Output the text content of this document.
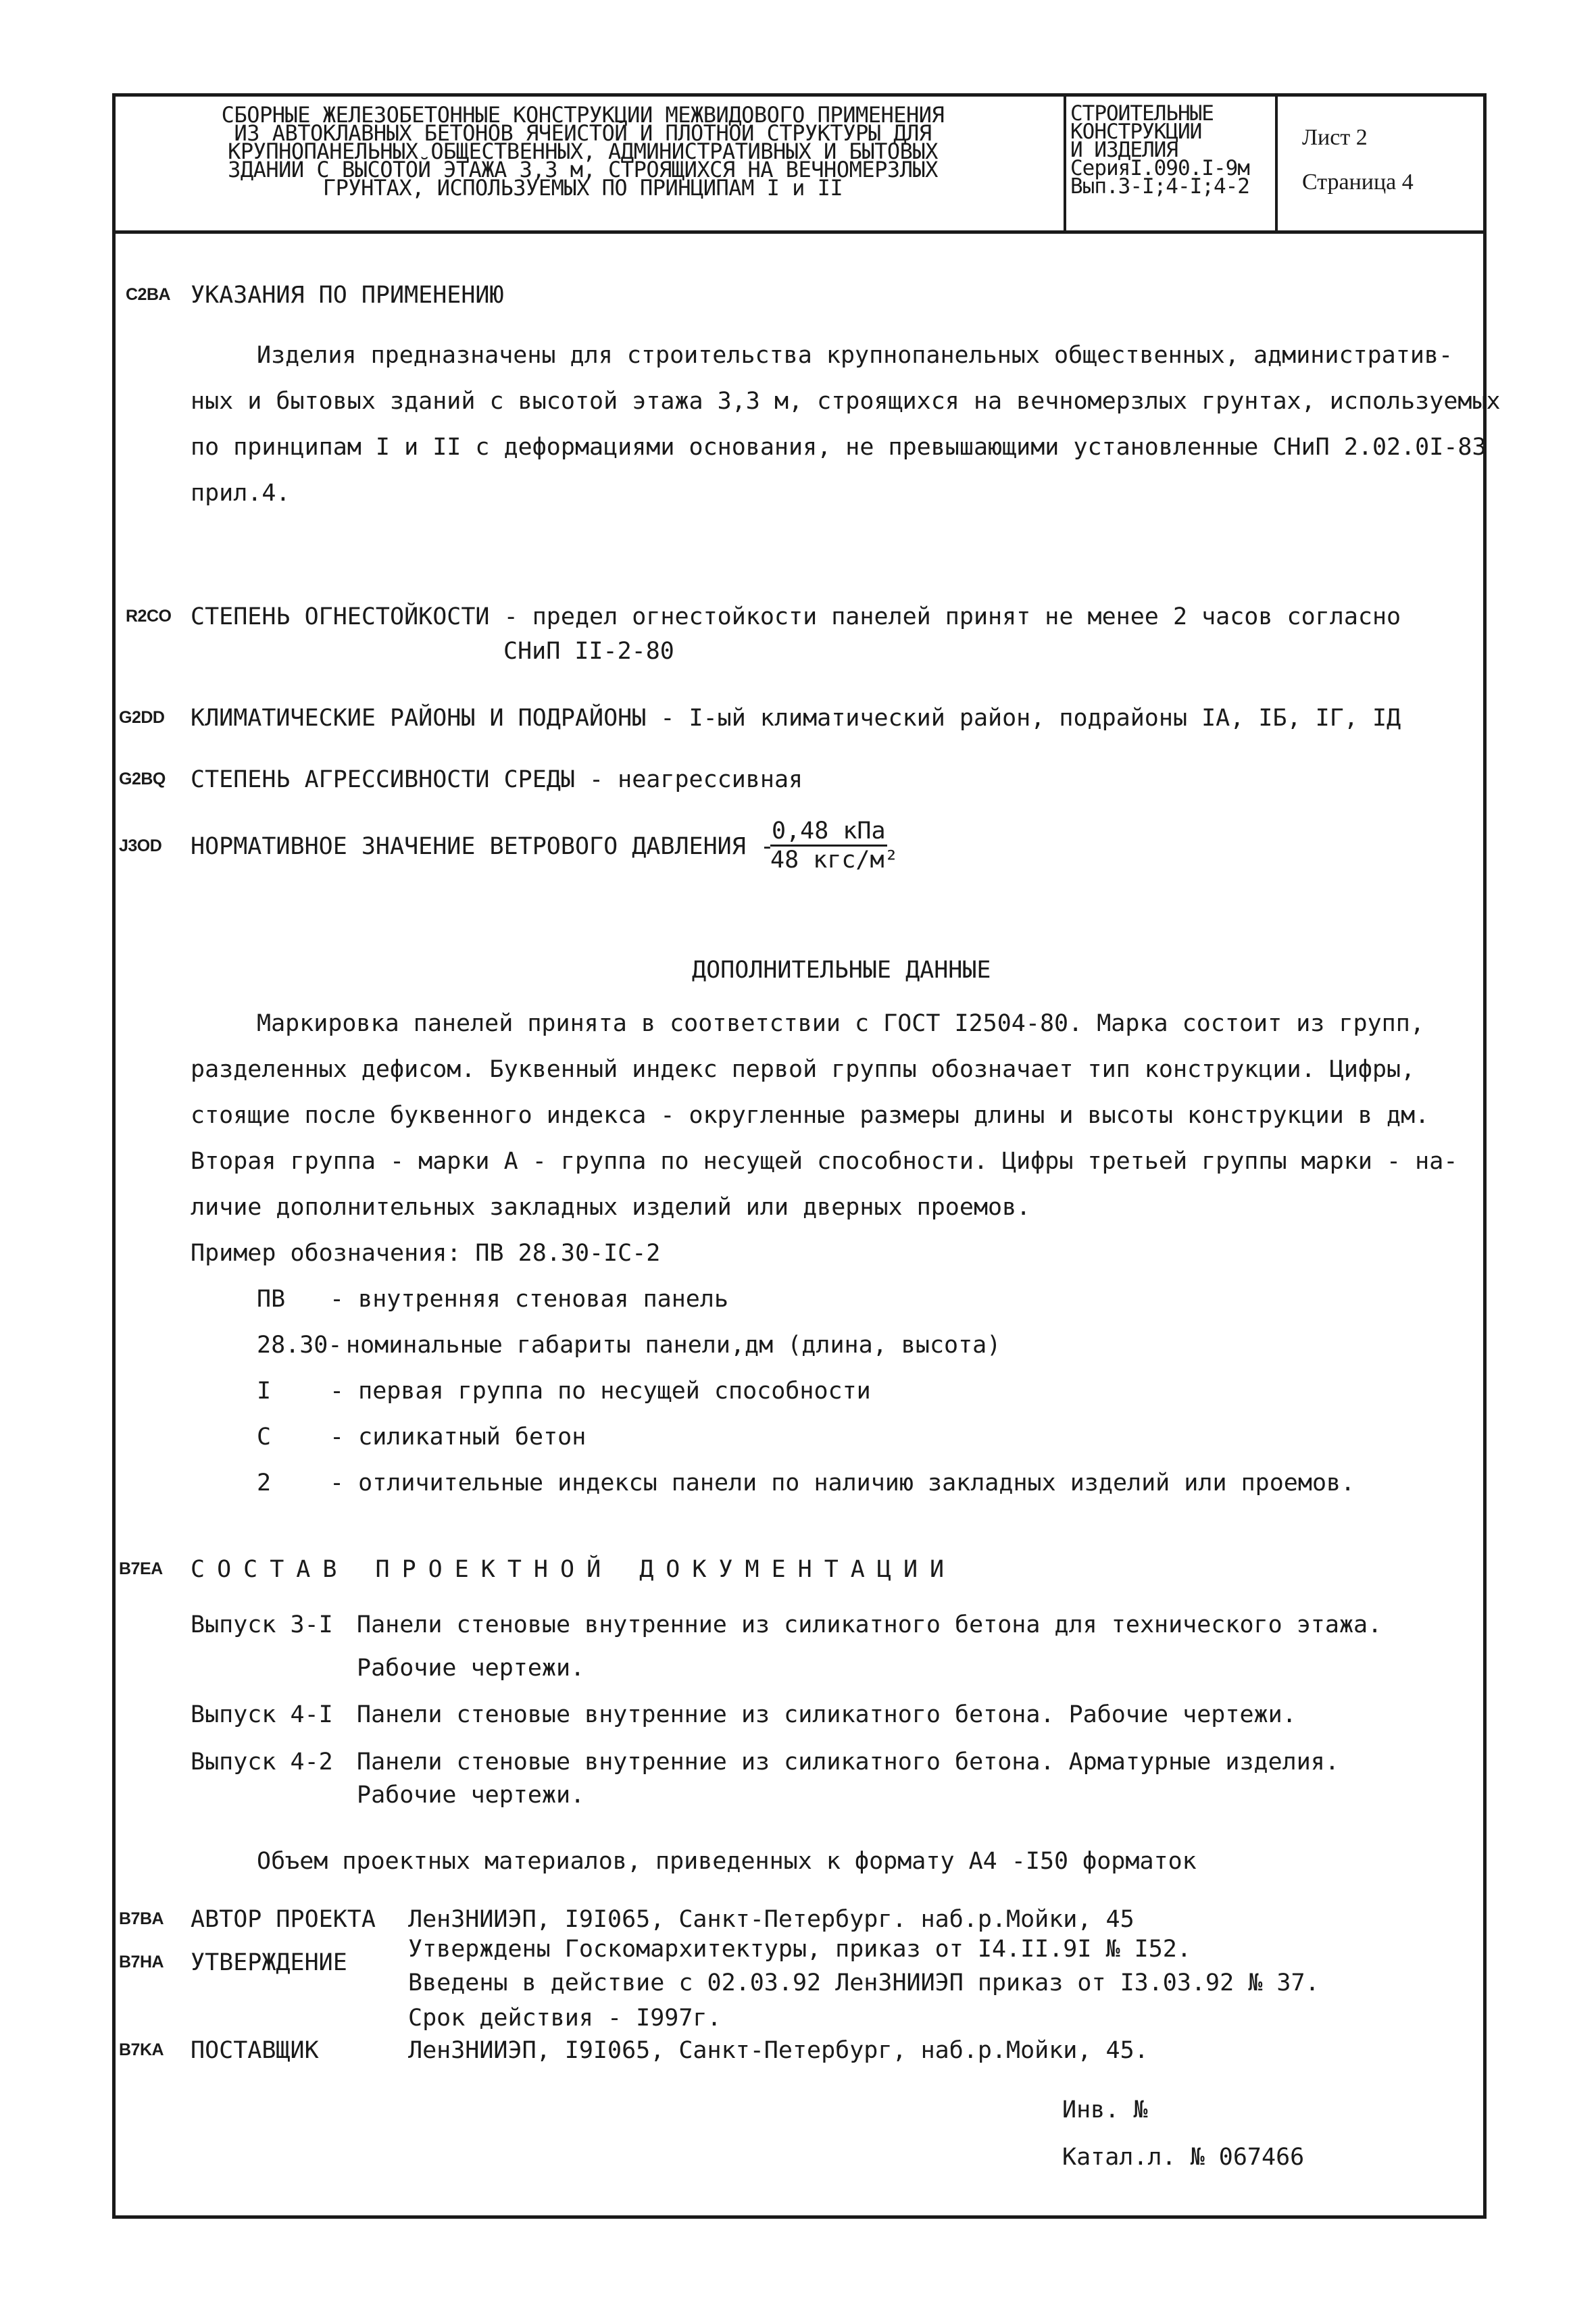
СБОРНЫЕ ЖЕЛЕЗОБЕТОННЫЕ КОНСТРУКЦИИ МЕЖВИДОВОГО ПРИМЕНЕНИЯ
ИЗ АВТОКЛАВНЫХ БЕТОНОВ ЯЧЕИСТОЙ И ПЛОТНОЙ СТРУКТУРЫ ДЛЯ
КРУПНОПАНЕЛЬНЫХ ОБЩЕСТВЕННЫХ, АДМИНИСТРАТИВНЫХ И БЫТОВЫХ
ЗДАНИЙ С ВЫСОТОЙ ЭТАЖА 3,3 м, СТРОЯЩИХСЯ НА ВЕЧНОМЕРЗЛЫХ
ГРУНТАХ, ИСПОЛЬЗУЕМЫХ ПО ПРИНЦИПАМ I и II
СТРОИТЕЛЬНЫЕ
КОНСТРУКЦИИ
И ИЗДЕЛИЯ
СерияI.090.I-9м
Вып.3-I;4-I;4-2
Лист 2
Страница 4
C2BA УКАЗАНИЯ ПО ПРИМЕНЕНИЮ
Изделия предназначены для строительства крупнопанельных общественных, административ-
ных и бытовых зданий с высотой этажа 3,3 м, строящихся на вечномерзлых грунтах, используемых
по принципам I и II с деформациями основания, не превышающими установленные СНиП 2.02.0I-83
прил.4.
R2CO СТЕПЕНЬ ОГНЕСТОЙКОСТИ - предел огнестойкости панелей принят не менее 2 часов согласно
СНиП II-2-80
G2DD КЛИМАТИЧЕСКИЕ РАЙОНЫ И ПОДРАЙОНЫ - I-ый климатический район, подрайоны IА, IБ, IГ, IД
G2BQ СТЕПЕНЬ АГРЕССИВНОСТИ СРЕДЫ - неагрессивная
J3OD НОРМАТИВНОЕ ЗНАЧЕНИЕ ВЕТРОВОГО ДАВЛЕНИЯ -
0,48 кПа
48 кгс/м²
ДОПОЛНИТЕЛЬНЫЕ ДАННЫЕ
Маркировка панелей принята в соответствии с ГОСТ I2504-80. Марка состоит из групп,
разделенных дефисом. Буквенный индекс первой группы обозначает тип конструкции. Цифры,
стоящие после буквенного индекса - округленные размеры длины и высоты конструкции в дм.
Вторая группа - марки А - группа по несущей способности. Цифры третьей группы марки - на-
личие дополнительных закладных изделий или дверных проемов.
Пример обозначения: ПВ 28.30-IС-2
ПВ - внутренняя стеновая панель
28.30- номинальные габариты панели,дм (длина, высота)
I - первая группа по несущей способности
С - силикатный бетон
2 - отличительные индексы панели по наличию закладных изделий или проемов.
B7EA СОСТАВ ПРОЕКТНОЙ ДОКУМЕНТАЦИИ
Выпуск 3-I Панели стеновые внутренние из силикатного бетона для технического этажа.
Рабочие чертежи.
Выпуск 4-I Панели стеновые внутренние из силикатного бетона. Рабочие чертежи.
Выпуск 4-2 Панели стеновые внутренние из силикатного бетона. Арматурные изделия.
Рабочие чертежи.
Объем проектных материалов, приведенных к формату А4 -I50 форматок
B7BA АВТОР ПРОЕКТА ЛенЗНИИЭП, I9I065, Санкт-Петербург. наб.р.Мойки, 45
B7HA УТВЕРЖДЕНИЕ	Утверждены Госкомархитектуры, приказ от I4.II.9I № I52.
Введены в действие с 02.03.92 ЛенЗНИИЭП приказ от I3.03.92 № 37.
Срок действия - I997г.
B7KA ПОСТАВЩИК	ЛенЗНИИЭП, I9I065, Санкт-Петербург, наб.р.Мойки, 45.
Инв. №
Катал.л. № 067466
